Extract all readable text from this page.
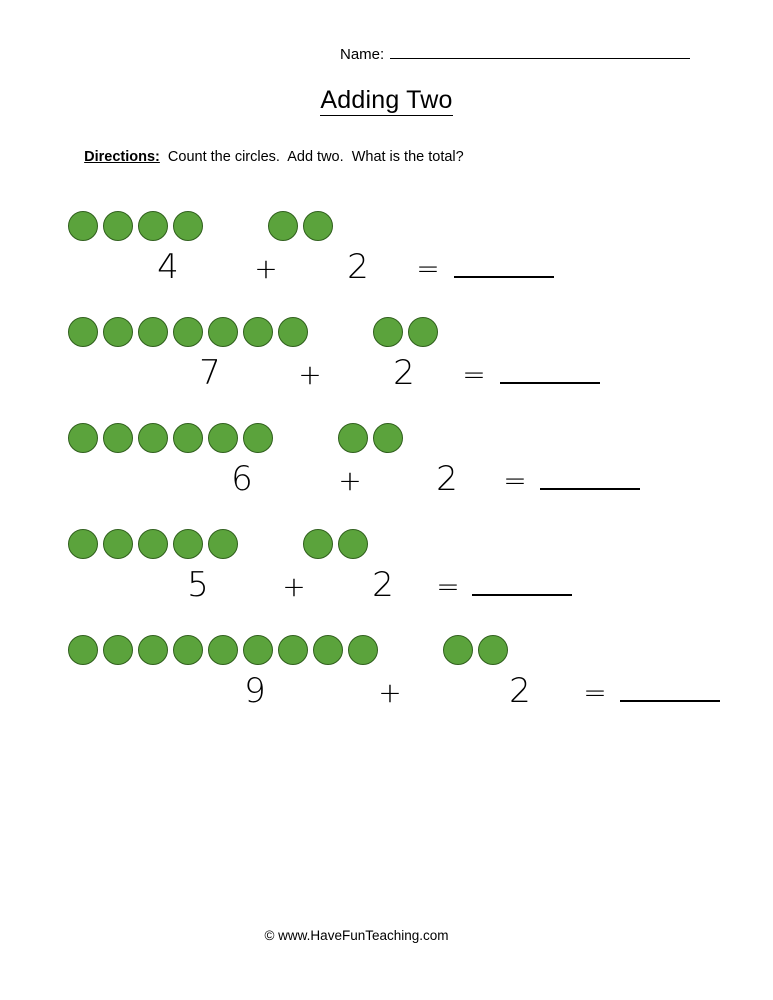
Name:
Adding Two

Directions:  Count the circles.  Add two.  What is the total?

4	+	2	=
7	+	2	=
6	+	2	=
5	+	2	=
9	+	2	=
© www.HaveFunTeaching.com
